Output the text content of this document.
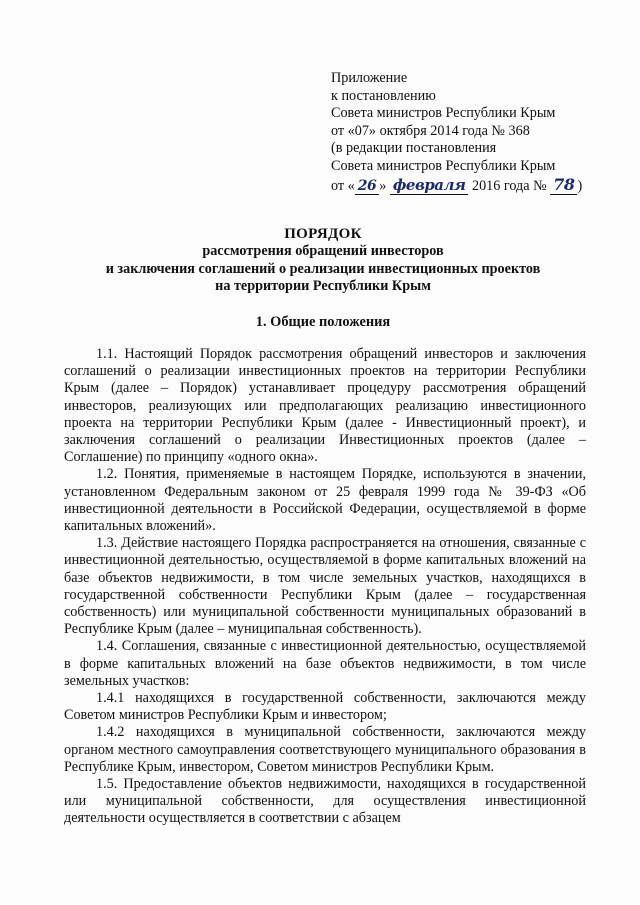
Приложение
к постановлению
Совета министров Республики Крым
от «07» октября 2014 года № 368
(в редакции постановления
Совета министров Республики Крым
от « 26 » февраля 2016 года № 78 )
ПОРЯДОК
рассмотрения обращений инвесторов
и заключения соглашений о реализации инвестиционных проектов
на территории Республики Крым
1. Общие положения

1.1. Настоящий Порядок рассмотрения обращений инвесторов и заключения соглашений о реализации инвестиционных проектов на территории Республики Крым (далее – Порядок) устанавливает процедуру рассмотрения обращений инвесторов, реализующих или предполагающих реализацию инвестиционного проекта на территории Республики Крым (далее - Инвестиционный проект), и заключения соглашений о реализации Инвестиционных проектов (далее – Соглашение) по принципу «одного окна».

1.2. Понятия, применяемые в настоящем Порядке, используются в значении, установленном Федеральным законом от 25 февраля 1999 года № 39-ФЗ «Об инвестиционной деятельности в Российской Федерации, осуществляемой в форме капитальных вложений».

1.3. Действие настоящего Порядка распространяется на отношения, связанные с инвестиционной деятельностью, осуществляемой в форме капитальных вложений на базе объектов недвижимости, в том числе земельных участков, находящихся в государственной собственности Республики Крым (далее – государственная собственность) или муниципальной собственности муниципальных образований в Республике Крым (далее – муниципальная собственность).

1.4. Соглашения, связанные с инвестиционной деятельностью, осуществляемой в форме капитальных вложений на базе объектов недвижимости, в том числе земельных участков:

1.4.1 находящихся в государственной собственности, заключаются между Советом министров Республики Крым и инвестором;

1.4.2 находящихся в муниципальной собственности, заключаются между органом местного самоуправления соответствующего муниципального образования в Республике Крым, инвестором, Советом министров Республики Крым.

1.5. Предоставление объектов недвижимости, находящихся в государственной или муниципальной собственности, для осуществления инвестиционной деятельности осуществляется в соответствии с абзацем
